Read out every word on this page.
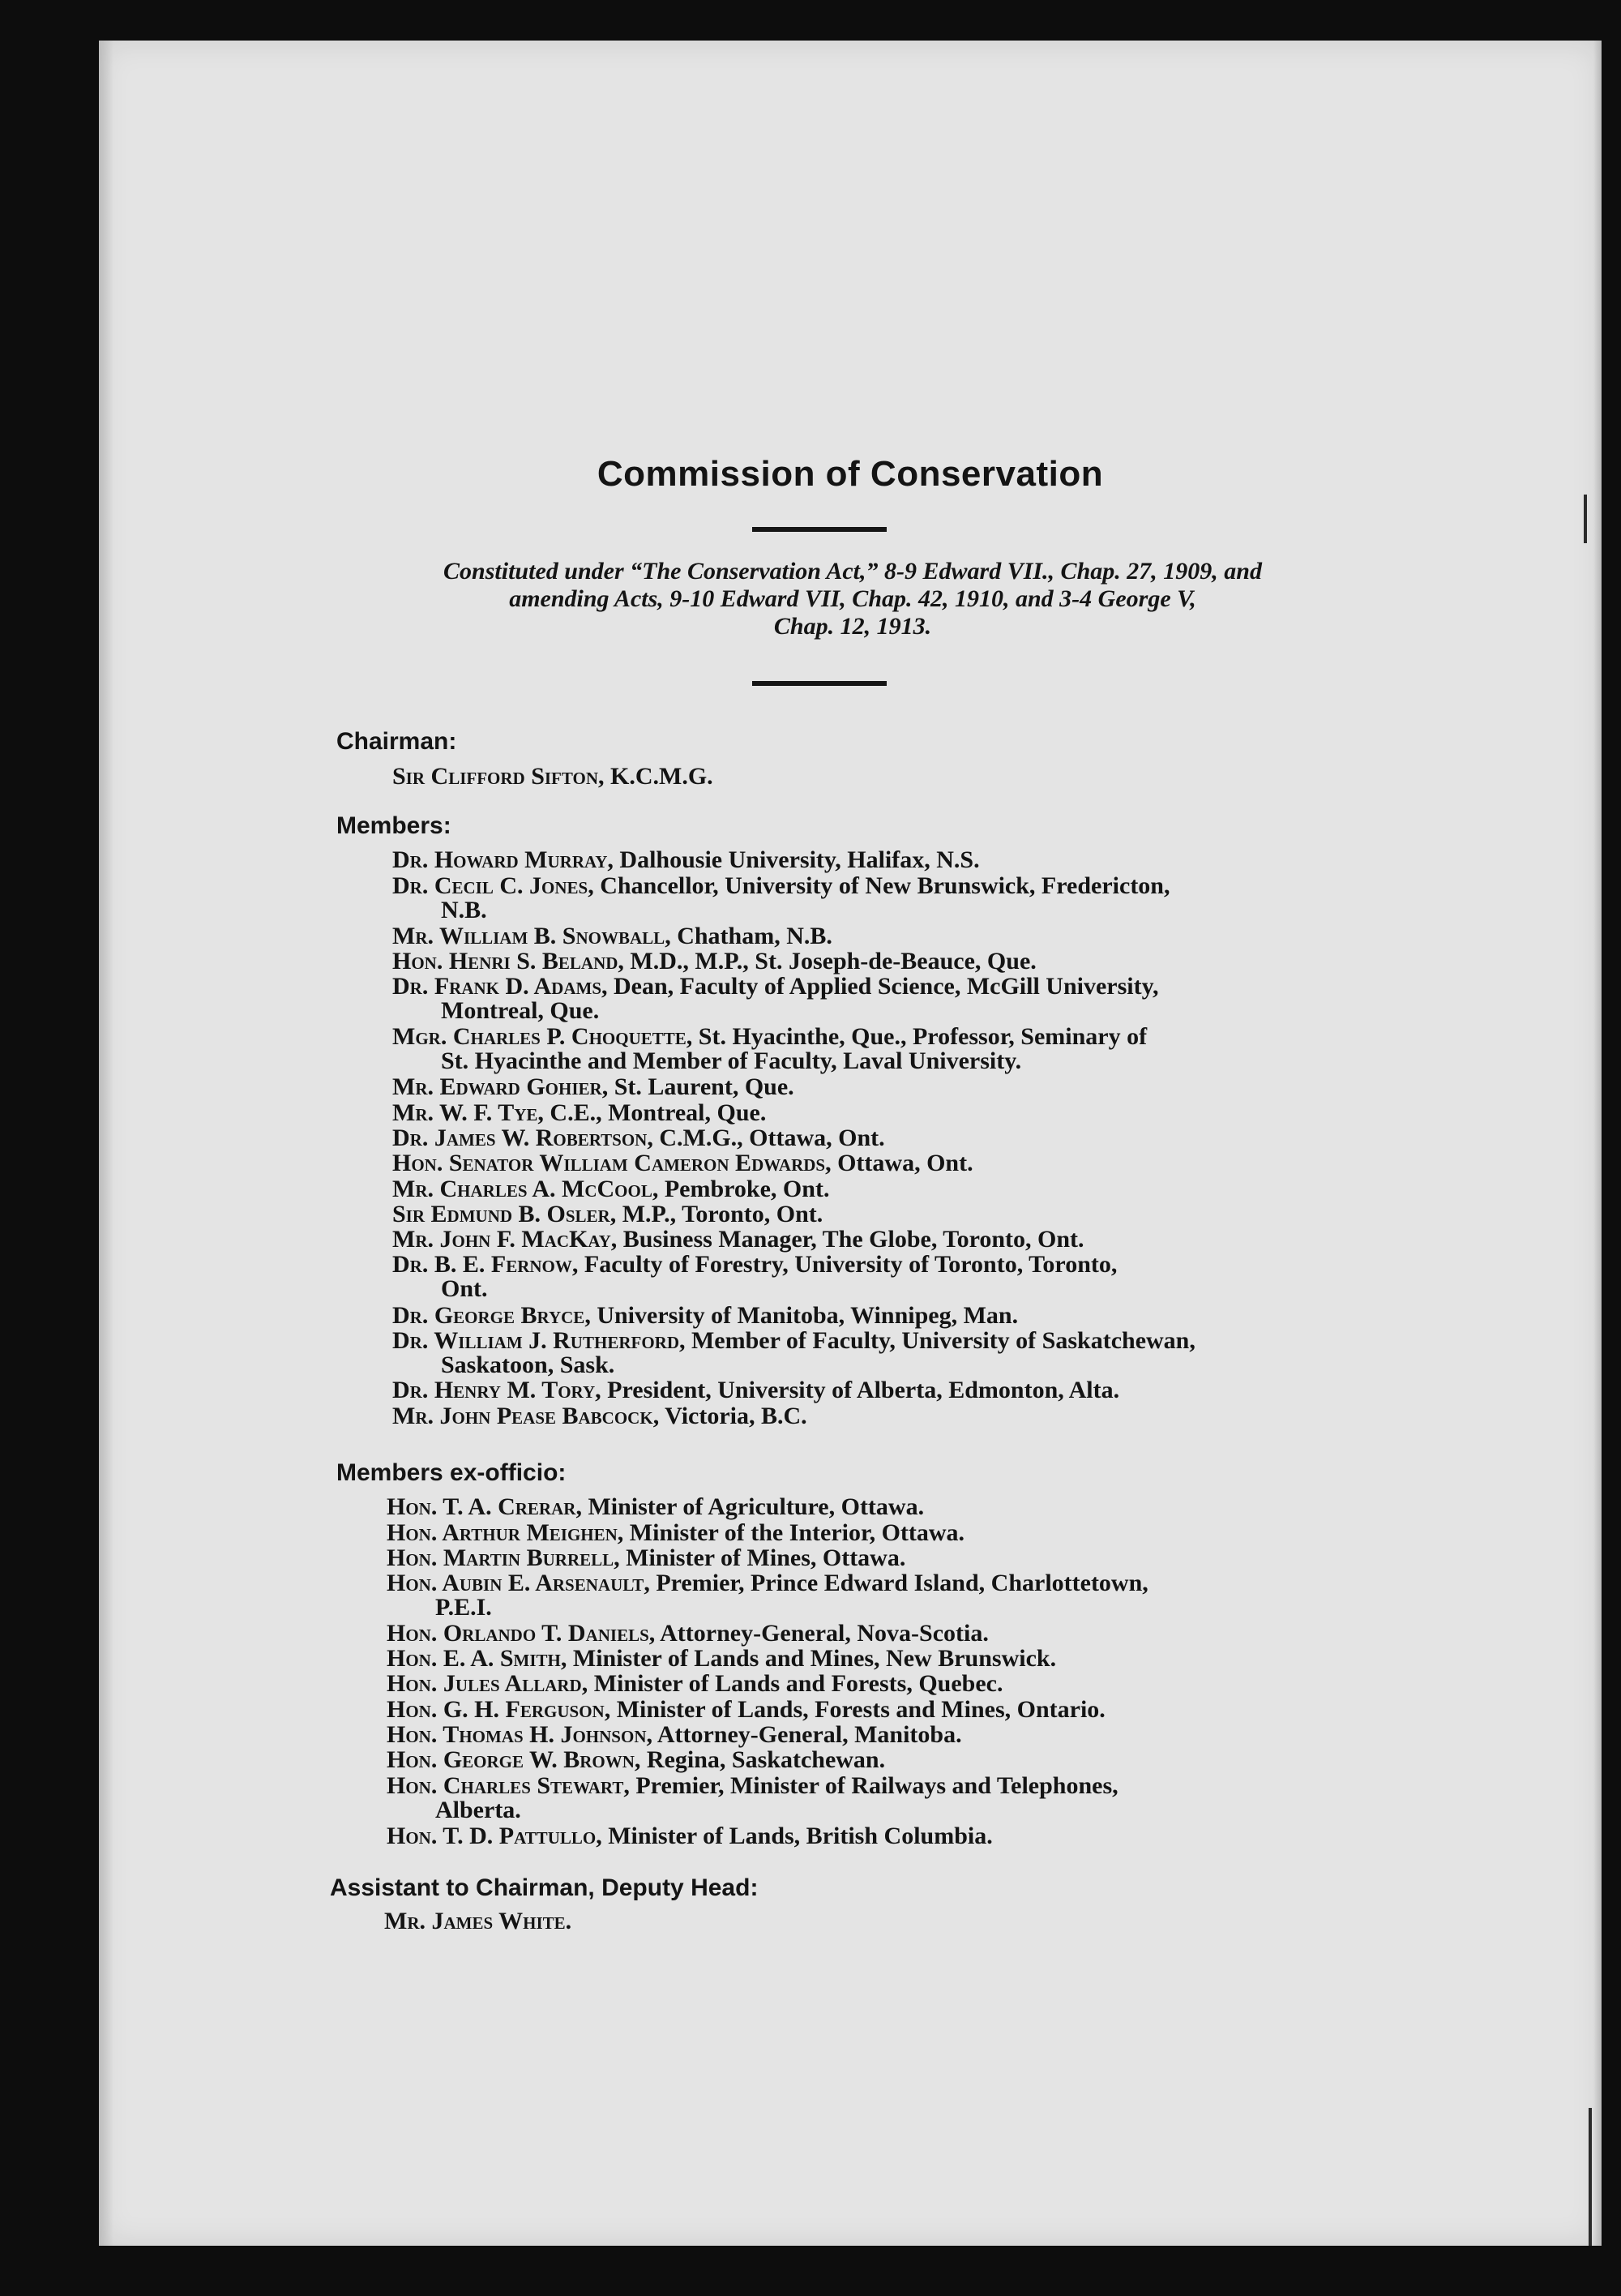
Commission of Conservation
Constituted under “The Conservation Act,” 8-9 Edward VII., Chap. 27, 1909, and
amending Acts, 9-10 Edward VII, Chap. 42, 1910, and 3-4 George V,
Chap. 12, 1913.
Chairman:
Sir Clifford Sifton, K.C.M.G.
Members:
Dr. Howard Murray, Dalhousie University, Halifax, N.S.
Dr. Cecil C. Jones, Chancellor, University of New Brunswick, Fredericton,
N.B.
Mr. William B. Snowball, Chatham, N.B.
Hon. Henri S. Beland, M.D., M.P., St. Joseph-de-Beauce, Que.
Dr. Frank D. Adams, Dean, Faculty of Applied Science, McGill University,
Montreal, Que.
Mgr. Charles P. Choquette, St. Hyacinthe, Que., Professor, Seminary of
St. Hyacinthe and Member of Faculty, Laval University.
Mr. Edward Gohier, St. Laurent, Que.
Mr. W. F. Tye, C.E., Montreal, Que.
Dr. James W. Robertson, C.M.G., Ottawa, Ont.
Hon. Senator William Cameron Edwards, Ottawa, Ont.
Mr. Charles A. McCool, Pembroke, Ont.
Sir Edmund B. Osler, M.P., Toronto, Ont.
Mr. John F. MacKay, Business Manager, The Globe, Toronto, Ont.
Dr. B. E. Fernow, Faculty of Forestry, University of Toronto, Toronto,
Ont.
Dr. George Bryce, University of Manitoba, Winnipeg, Man.
Dr. William J. Rutherford, Member of Faculty, University of Saskatchewan,
Saskatoon, Sask.
Dr. Henry M. Tory, President, University of Alberta, Edmonton, Alta.
Mr. John Pease Babcock, Victoria, B.C.
Members ex-officio:
Hon. T. A. Crerar, Minister of Agriculture, Ottawa.
Hon. Arthur Meighen, Minister of the Interior, Ottawa.
Hon. Martin Burrell, Minister of Mines, Ottawa.
Hon. Aubin E. Arsenault, Premier, Prince Edward Island, Charlottetown,
P.E.I.
Hon. Orlando T. Daniels, Attorney-General, Nova-Scotia.
Hon. E. A. Smith, Minister of Lands and Mines, New Brunswick.
Hon. Jules Allard, Minister of Lands and Forests, Quebec.
Hon. G. H. Ferguson, Minister of Lands, Forests and Mines, Ontario.
Hon. Thomas H. Johnson, Attorney-General, Manitoba.
Hon. George W. Brown, Regina, Saskatchewan.
Hon. Charles Stewart, Premier, Minister of Railways and Telephones,
Alberta.
Hon. T. D. Pattullo, Minister of Lands, British Columbia.
Assistant to Chairman, Deputy Head:
Mr. James White.
